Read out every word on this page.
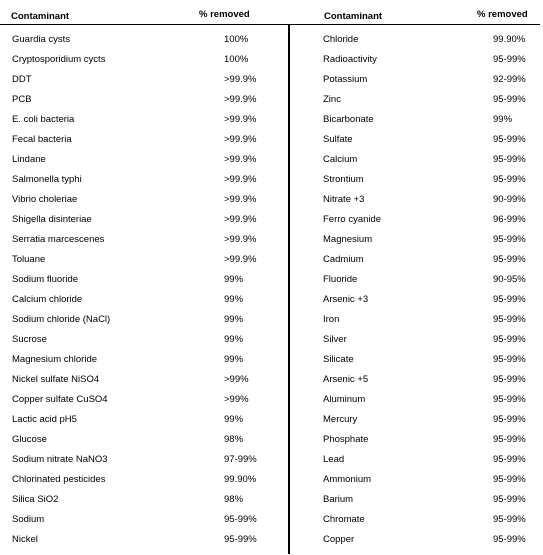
Contaminant	% removed
Guardia cysts	100%
Cryptosporidium cycts	100%
DDT	>99.9%
PCB	>99.9%
E. coli bacteria	>99.9%
Fecal bacteria	>99.9%
Lindane	>99.9%
Salmonella typhi	>99.9%
Vibrio choleriae	>99.9%
Shigella disinteriae	>99.9%
Serratia marcescenes	>99.9%
Toluane	>99.9%
Sodium fluoride	99%
Calcium chloride	99%
Sodium chloride (NaCl)	99%
Sucrose	99%
Magnesium chloride	99%
Nickel sulfate NiSO4	>99%
Copper sulfate CuSO4	>99%
Lactic acid pH5	99%
Glucose	98%
Sodium nitrate NaNO3	97-99%
Chlorinated pesticides	99.90%
Silica SiO2	98%
Sodium	95-99%
Nickel	95-99%
Contaminant	% removed
Chloride	99.90%
Radioactivity	95-99%
Potassium	92-99%
Zinc	95-99%
Bicarbonate	99%
Sulfate	95-99%
Calcium	95-99%
Strontium	95-99%
Nitrate +3	90-99%
Ferro cyanide	96-99%
Magnesium	95-99%
Cadmium	95-99%
Fluoride	90-95%
Arsenic +3	95-99%
Iron	95-99%
Silver	95-99%
Silicate	95-99%
Arsenic +5	95-99%
Aluminum	95-99%
Mercury	95-99%
Phosphate	95-99%
Lead	95-99%
Ammonium	95-99%
Barium	95-99%
Chromate	95-99%
Copper	95-99%
